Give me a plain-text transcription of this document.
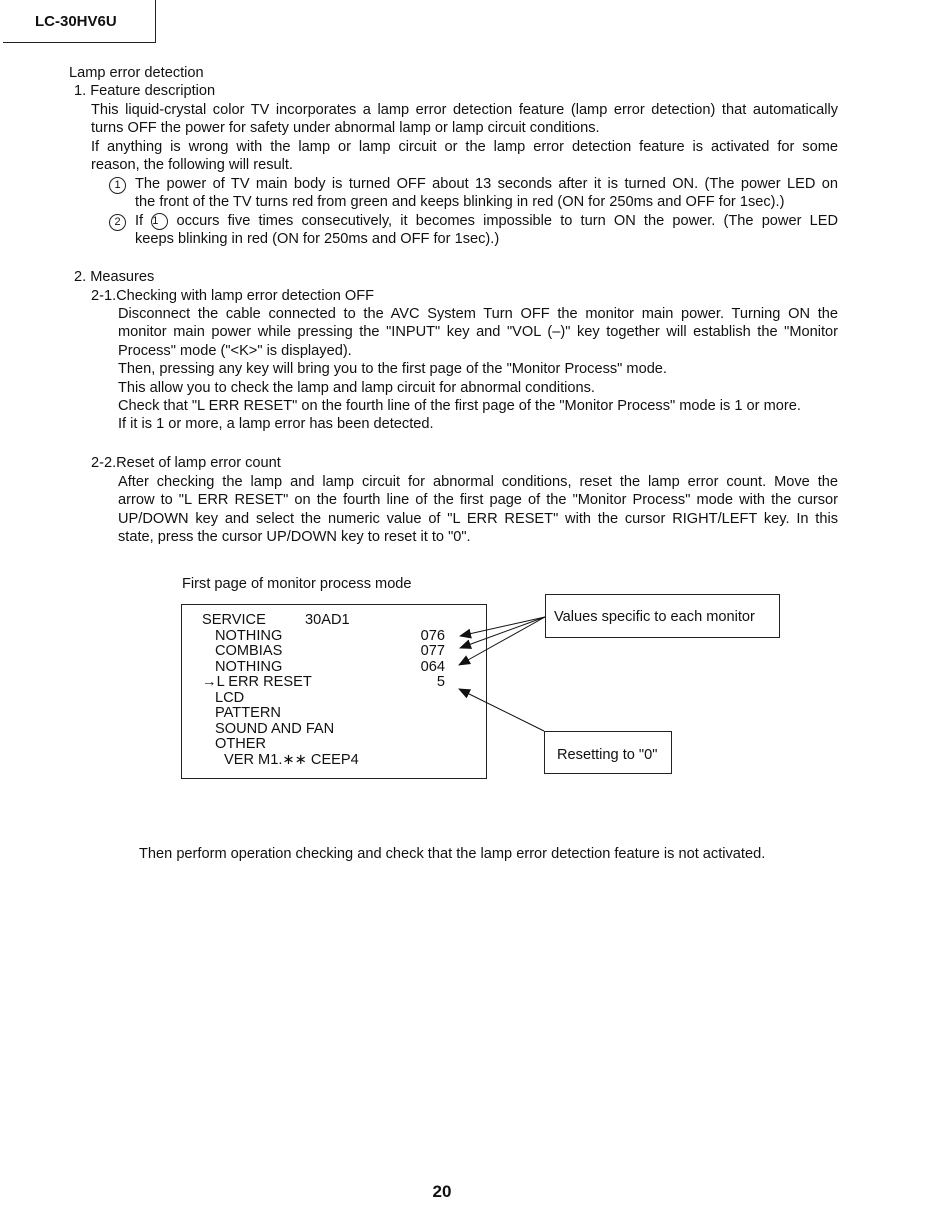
LC-30HV6U
Lamp error detection
1. Feature description
This liquid-crystal color TV incorporates a lamp error detection feature (lamp error detection) that automatically
turns OFF the power for safety under abnormal lamp or lamp circuit conditions.
If anything is wrong with the lamp or lamp circuit or the lamp error detection feature is activated for some
reason, the following will result.
1 The power of TV main body is turned OFF about 13 seconds after it is turned ON. (The power LED on
the front of the TV turns red from green and keeps blinking in red (ON for 250ms and OFF for 1sec).)
2 If 1 occurs five times consecutively, it becomes impossible to turn ON the power. (The power LED
keeps blinking in red (ON for 250ms and OFF for 1sec).)
2. Measures
2-1.Checking with lamp error detection OFF
Disconnect the cable connected to the AVC System Turn OFF the monitor main power. Turning ON the
monitor main power while pressing the "INPUT" key and "VOL (–)" key together will establish the "Monitor
Process" mode ("<K>" is displayed).
Then, pressing any key will bring you to the first page of the "Monitor Process" mode.
This allow you to check the lamp and lamp circuit for abnormal conditions.
Check that "L ERR RESET" on the fourth line of the first page of the "Monitor Process" mode is 1 or more.
If it is 1 or more, a lamp error has been detected.
2-2.Reset of lamp error count
After checking the lamp and lamp circuit for abnormal conditions, reset the lamp error count. Move the
arrow to "L ERR RESET" on the fourth line of the first page of the "Monitor Process" mode with the cursor
UP/DOWN key and select the numeric value of "L ERR RESET" with the cursor RIGHT/LEFT key. In this
state, press the cursor UP/DOWN key to reset it to "0".
First page of monitor process mode
SERVICE	30AD1
NOTHING	076
COMBIAS	077
NOTHING	064
→L ERR RESET	5
LCD
PATTERN
SOUND AND FAN
OTHER
VER M1.∗∗ CEEP4
Values specific to each monitor
Resetting to "0"
Then perform operation checking and check that the lamp error detection feature is not activated.
20
